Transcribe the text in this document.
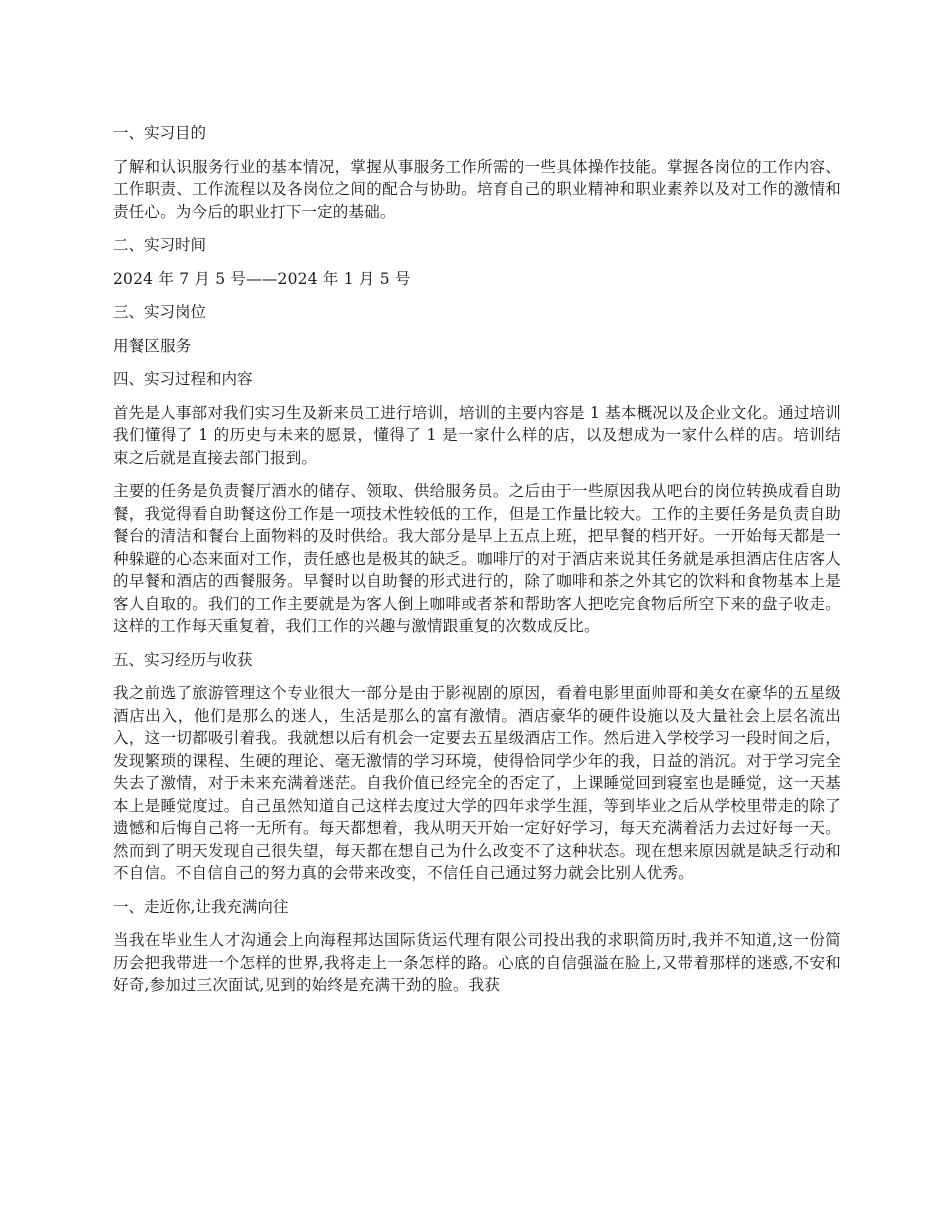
一、实习目的
了解和认识服务行业的基本情况，掌握从事服务工作所需的一些具体操作技能。掌握各岗位的工作内容、工作职责、工作流程以及各岗位之间的配合与协助。培育自己的职业精神和职业素养以及对工作的激情和责任心。为今后的职业打下一定的基础。
二、实习时间
2024 年 7 月 5 号——2024 年 1 月 5 号
三、实习岗位
用餐区服务
四、实习过程和内容
首先是人事部对我们实习生及新来员工进行培训，培训的主要内容是 1 基本概况以及企业文化。通过培训我们懂得了 1 的历史与未来的愿景，懂得了 1 是一家什么样的店，以及想成为一家什么样的店。培训结束之后就是直接去部门报到。
主要的任务是负责餐厅酒水的储存、领取、供给服务员。之后由于一些原因我从吧台的岗位转换成看自助餐，我觉得看自助餐这份工作是一项技术性较低的工作，但是工作量比较大。工作的主要任务是负责自助餐台的清洁和餐台上面物料的及时供给。我大部分是早上五点上班，把早餐的档开好。一开始每天都是一种躲避的心态来面对工作，责任感也是极其的缺乏。咖啡厅的对于酒店来说其任务就是承担酒店住店客人的早餐和酒店的西餐服务。早餐时以自助餐的形式进行的，除了咖啡和茶之外其它的饮料和食物基本上是客人自取的。我们的工作主要就是为客人倒上咖啡或者茶和帮助客人把吃完食物后所空下来的盘子收走。这样的工作每天重复着，我们工作的兴趣与激情跟重复的次数成反比。
五、实习经历与收获
我之前选了旅游管理这个专业很大一部分是由于影视剧的原因，看着电影里面帅哥和美女在豪华的五星级酒店出入，他们是那么的迷人，生活是那么的富有激情。酒店豪华的硬件设施以及大量社会上层名流出入，这一切都吸引着我。我就想以后有机会一定要去五星级酒店工作。然后进入学校学习一段时间之后，发现繁琐的课程、生硬的理论、毫无激情的学习环境，使得恰同学少年的我，日益的消沉。对于学习完全失去了激情，对于未来充满着迷茫。自我价值已经完全的否定了，上课睡觉回到寝室也是睡觉，这一天基本上是睡觉度过。自己虽然知道自己这样去度过大学的四年求学生涯，等到毕业之后从学校里带走的除了遗憾和后悔自己将一无所有。每天都想着，我从明天开始一定好好学习，每天充满着活力去过好每一天。然而到了明天发现自己很失望，每天都在想自己为什么改变不了这种状态。现在想来原因就是缺乏行动和不自信。不自信自己的努力真的会带来改变，不信任自己通过努力就会比别人优秀。
一、走近你,让我充满向往
当我在毕业生人才沟通会上向海程邦达国际货运代理有限公司投出我的求职简历时,我并不知道,这一份简历会把我带进一个怎样的世界,我将走上一条怎样的路。心底的自信强溢在脸上,又带着那样的迷惑,不安和好奇,参加过三次面试,见到的始终是充满干劲的脸。我获
